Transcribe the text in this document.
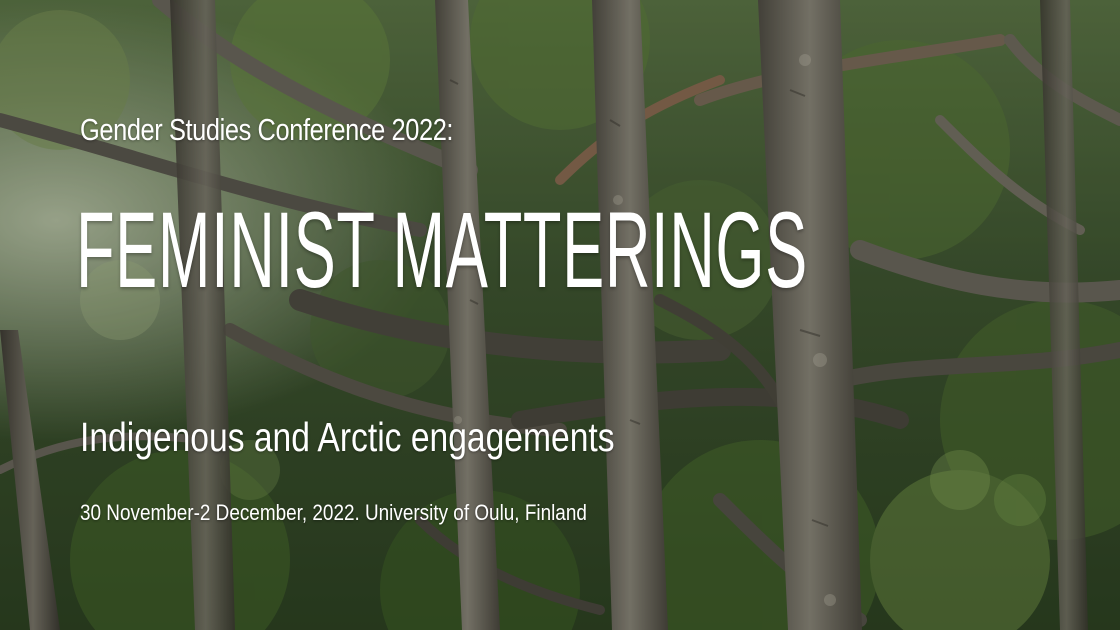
Gender Studies Conference 2022:
FEMINIST MATTERINGS
Indigenous and Arctic engagements
30 November-2 December, 2022. University of Oulu, Finland
